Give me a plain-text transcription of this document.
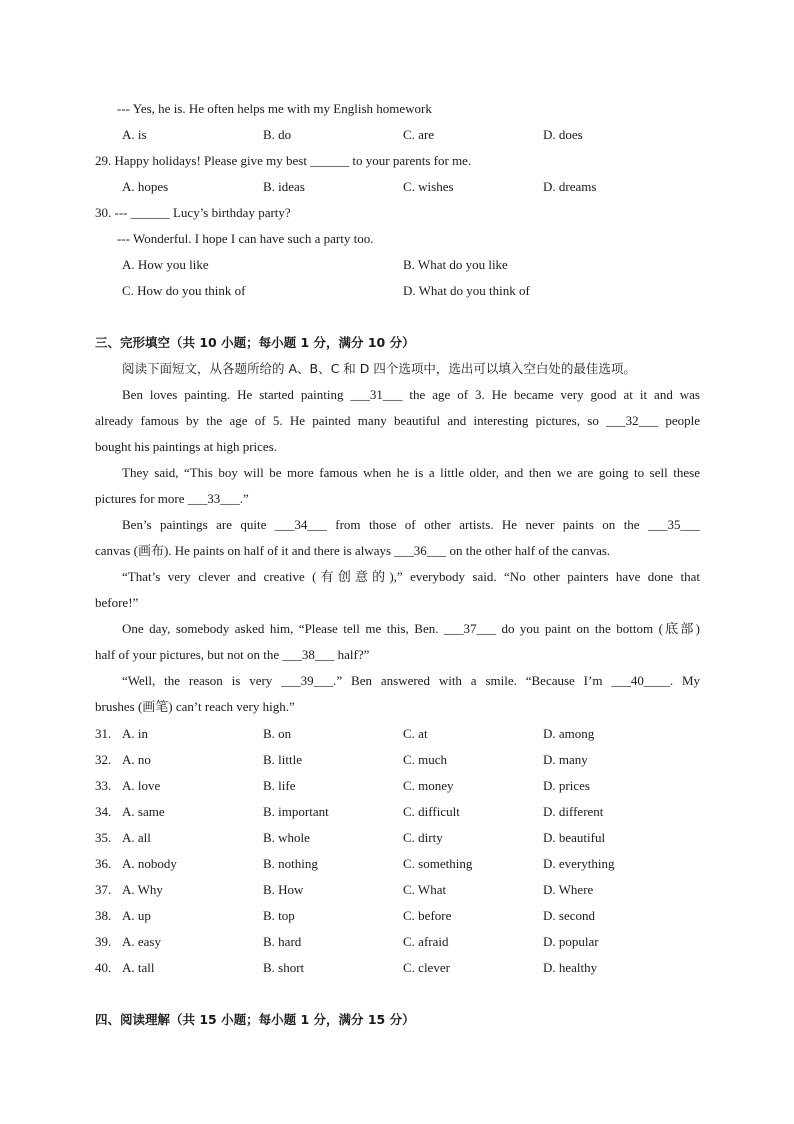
--- Yes, he is. He often helps me with my English homework
A. is	B. do	C. are	D. does
29. Happy holidays! Please give my best ______ to your parents for me.
A. hopes	B. ideas	C. wishes	D. dreams
30. --- ______ Lucy’s birthday party?
--- Wonderful. I hope I can have such a party too.
A. How you like	B. What do you like
C. How do you think of	D. What do you think of
三、完形填空（共 10 小题；每小题 1 分，满分 10 分）
阅读下面短文，从各题所给的 A、B、C 和 D 四个选项中，选出可以填入空白处的最佳选项。
Ben loves painting. He started painting ___31___ the age of 3. He became very good at it and was
already famous by the age of 5. He painted many beautiful and interesting pictures, so ___32___ people
bought his paintings at high prices.
They said, “This boy will be more famous when he is a little older, and then we are going to sell these
pictures for more ___33___.”
Ben’s paintings are quite ___34___ from those of other artists. He never paints on the ___35___
canvas (画布). He paints on half of it and there is always ___36___ on the other half of the canvas.
“That’s very clever and creative (有创意的),” everybody said. “No other painters have done that
before!”
One day, somebody asked him, “Please tell me this, Ben. ___37___ do you paint on the bottom (底部)
half of your pictures, but not on the ___38___ half?”
“Well, the reason is very ___39___.” Ben answered with a smile. “Because I’m ___40____. My
brushes (画笔) can’t reach very high.”
31. A. in	B. on	C. at	D. among
32. A. no	B. little	C. much	D. many
33. A. love	B. life	C. money	D. prices
34. A. same	B. important	C. difficult	D. different
35. A. all	B. whole	C. dirty	D. beautiful
36. A. nobody	B. nothing	C. something	D. everything
37. A. Why	B. How	C. What	D. Where
38. A. up	B. top	C. before	D. second
39. A. easy	B. hard	C. afraid	D. popular
40. A. tall	B. short	C. clever	D. healthy
四、阅读理解（共 15 小题；每小题 1 分，满分 15 分）
